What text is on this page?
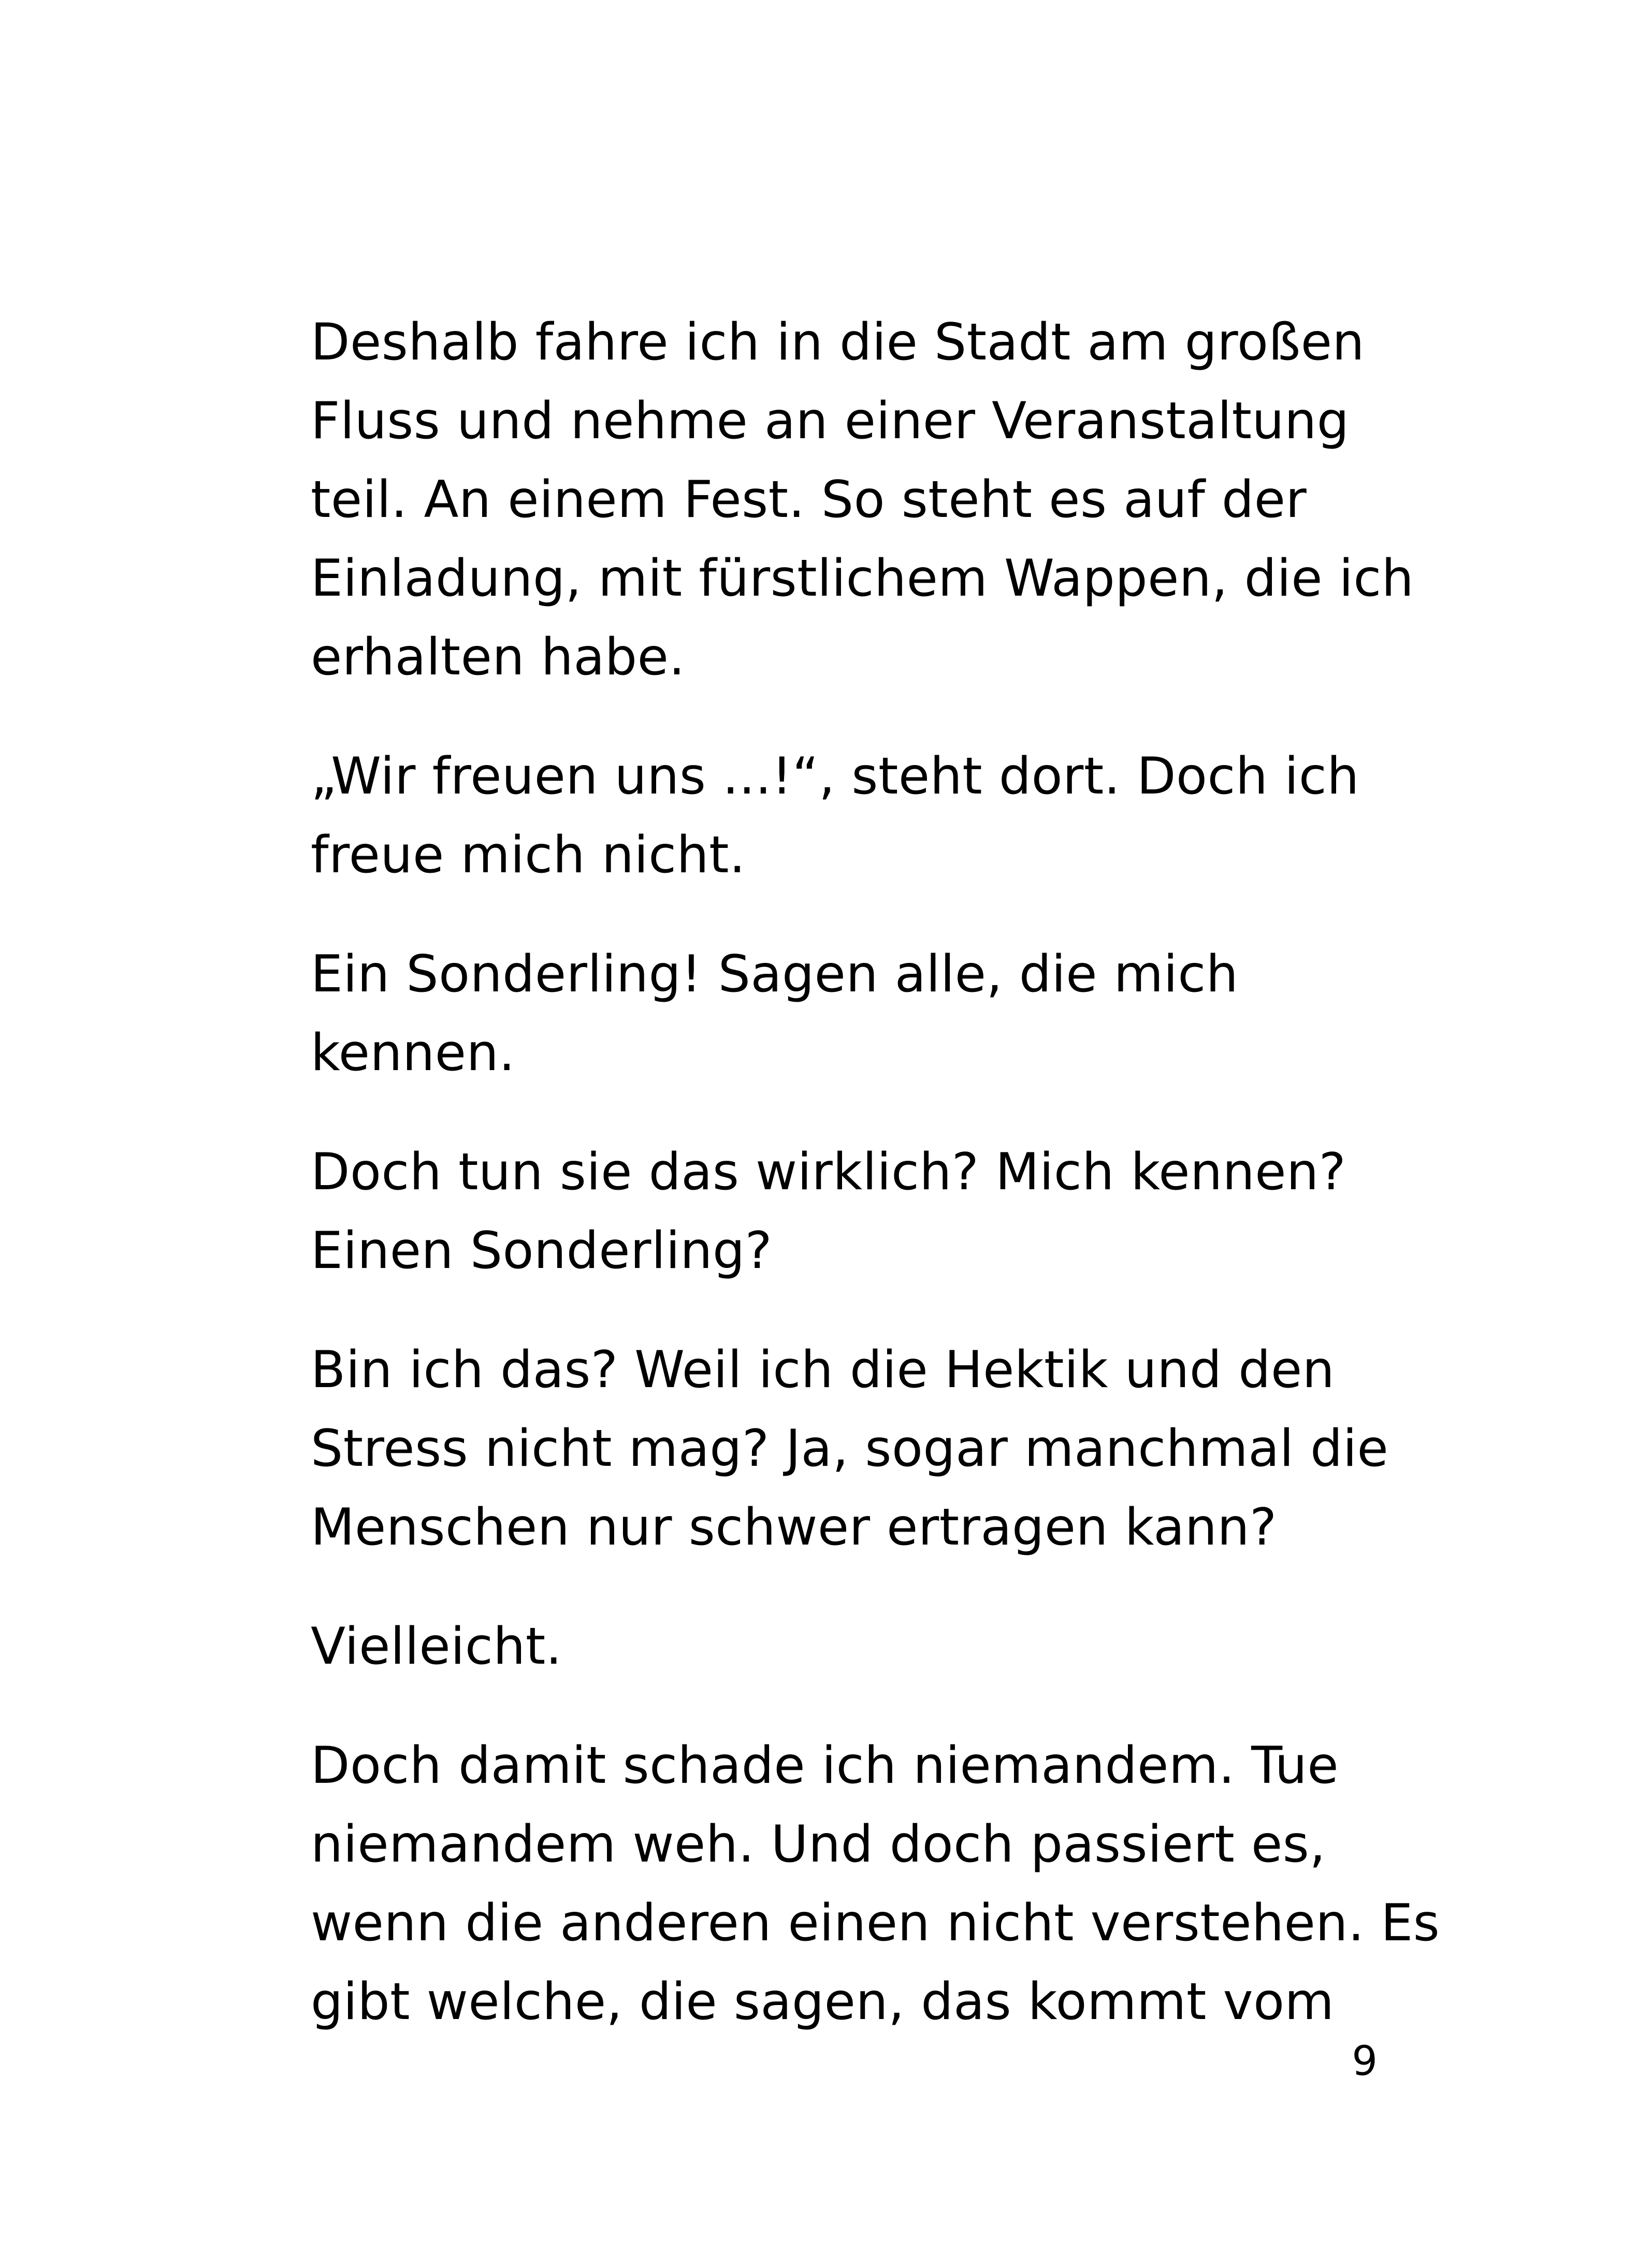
Deshalb fahre ich in die Stadt am großen
Fluss und nehme an einer Veranstaltung
teil. An einem Fest. So steht es auf der
Einladung, mit fürstlichem Wappen, die ich
erhalten habe.

„Wir freuen uns ...!“, steht dort. Doch ich
freue mich nicht.

Ein Sonderling! Sagen alle, die mich
kennen.

Doch tun sie das wirklich? Mich kennen?
Einen Sonderling?

Bin ich das? Weil ich die Hektik und den
Stress nicht mag? Ja, sogar manchmal die
Menschen nur schwer ertragen kann?

Vielleicht.

Doch damit schade ich niemandem. Tue
niemandem weh. Und doch passiert es,
wenn die anderen einen nicht verstehen. Es
gibt welche, die sagen, das kommt vom

9
